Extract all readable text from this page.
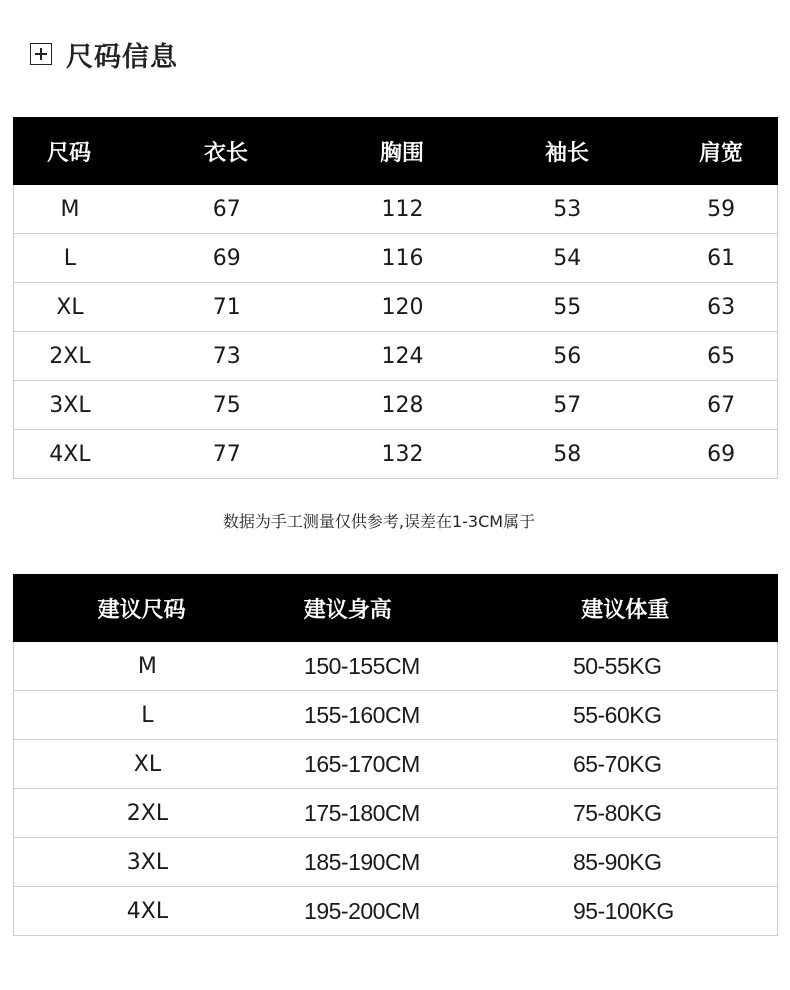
尺码信息
尺码	衣长	胸围	袖长	肩宽
M	67	112	53	59
L	69	116	54	61
XL	71	120	55	63
2XL	73	124	56	65
3XL	75	128	57	67
4XL	77	132	58	69
数据为手工测量仅供参考,误差在1-3CM属于
建议尺码	建议身高	建议体重
M	150-155CM	50-55KG
L	155-160CM	55-60KG
XL	165-170CM	65-70KG
2XL	175-180CM	75-80KG
3XL	185-190CM	85-90KG
4XL	195-200CM	95-100KG
